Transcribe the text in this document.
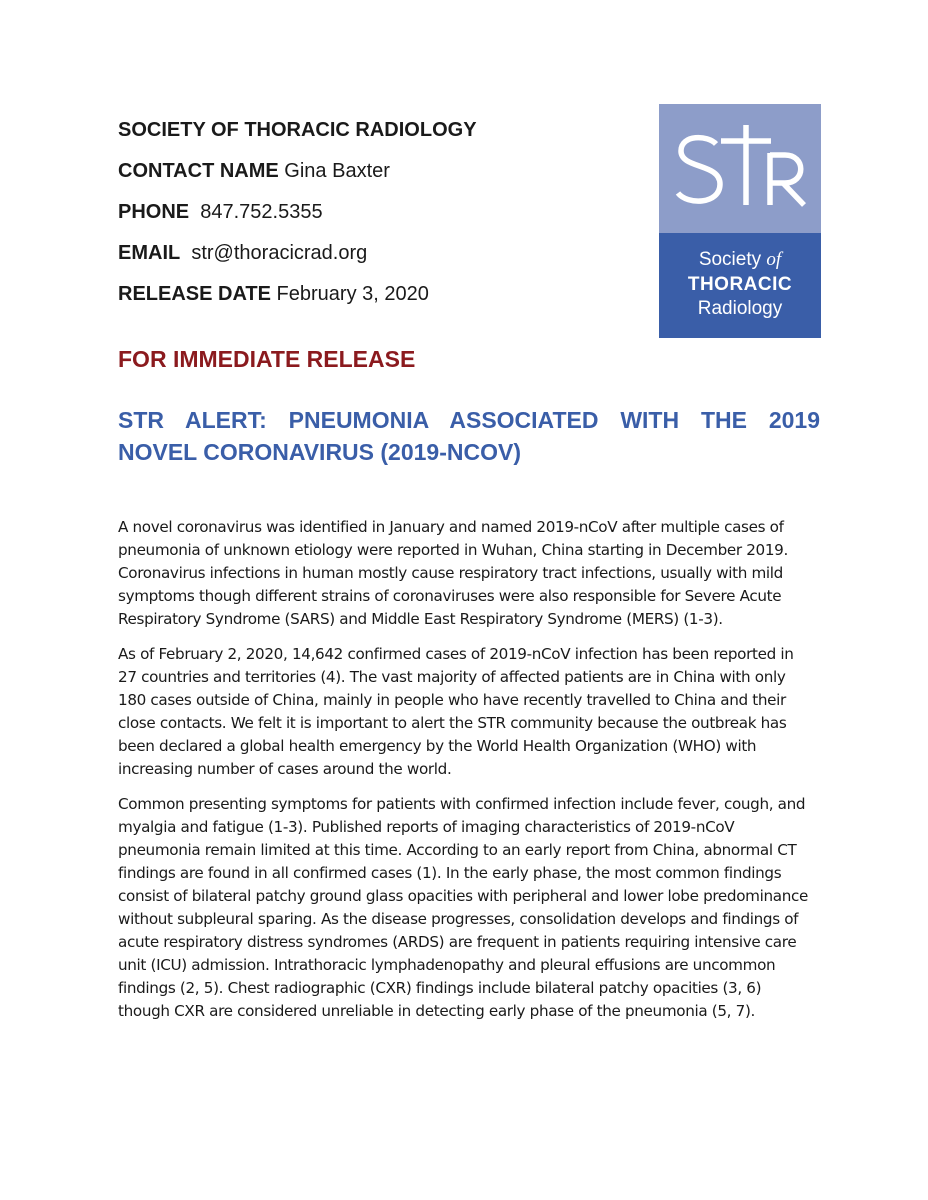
SOCIETY OF THORACIC RADIOLOGY
CONTACT NAME Gina Baxter
PHONE 847.752.5355
EMAIL str@thoracicrad.org
RELEASE DATE February 3, 2020
Society of
THORACIC
Radiology
FOR IMMEDIATE RELEASE
STR ALERT: PNEUMONIA ASSOCIATED WITH THE 2019
NOVEL CORONAVIRUS (2019-NCOV)
A novel coronavirus was identified in January and named 2019-nCoV after multiple cases of
pneumonia of unknown etiology were reported in Wuhan, China starting in December 2019.
Coronavirus infections in human mostly cause respiratory tract infections, usually with mild
symptoms though different strains of coronaviruses were also responsible for Severe Acute
Respiratory Syndrome (SARS) and Middle East Respiratory Syndrome (MERS) (1-3).
As of February 2, 2020, 14,642 confirmed cases of 2019-nCoV infection has been reported in
27 countries and territories (4). The vast majority of affected patients are in China with only
180 cases outside of China, mainly in people who have recently travelled to China and their
close contacts. We felt it is important to alert the STR community because the outbreak has
been declared a global health emergency by the World Health Organization (WHO) with
increasing number of cases around the world.
Common presenting symptoms for patients with confirmed infection include fever, cough, and
myalgia and fatigue (1-3). Published reports of imaging characteristics of 2019-nCoV
pneumonia remain limited at this time. According to an early report from China, abnormal CT
findings are found in all confirmed cases (1). In the early phase, the most common findings
consist of bilateral patchy ground glass opacities with peripheral and lower lobe predominance
without subpleural sparing. As the disease progresses, consolidation develops and findings of
acute respiratory distress syndromes (ARDS) are frequent in patients requiring intensive care
unit (ICU) admission. Intrathoracic lymphadenopathy and pleural effusions are uncommon
findings (2, 5). Chest radiographic (CXR) findings include bilateral patchy opacities (3, 6)
though CXR are considered unreliable in detecting early phase of the pneumonia (5, 7).
